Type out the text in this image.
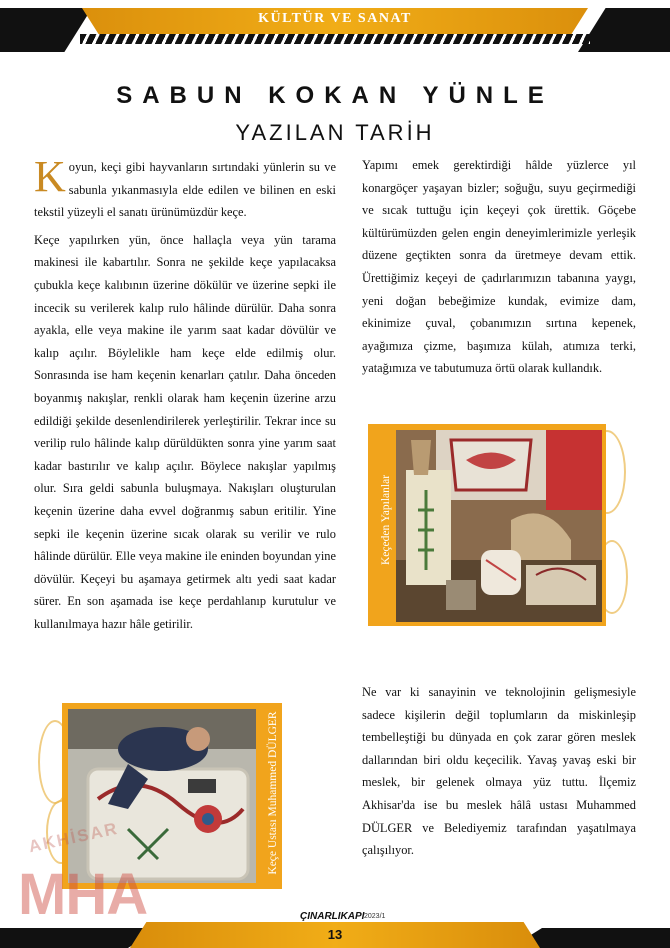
KÜLTÜR VE SANAT
SABUN KOKAN YÜNLE
YAZILAN TARİH

Koyun, keçi gibi hayvanların sırtındaki yünlerin su ve sabunla yıkanmasıyla elde edilen ve bilinen en eski tekstil yüzeyli el sanatı ürünümüzdür keçe.

Keçe yapılırken yün, önce hallaçla veya yün tarama makinesi ile kabartılır. Sonra ne şekilde keçe yapılacaksa çubukla keçe kalıbının üzerine dökülür ve üzerine sepki ile incecik su verilerek kalıp rulo hâlinde dürülür. Daha sonra ayakla, elle veya makine ile yarım saat kadar dövülür ve kalıp açılır. Böylelikle ham keçe elde edilmiş olur. Sonrasında ise ham keçenin kenarları çatılır. Daha önceden boyanmış nakışlar, renkli olarak ham keçenin üzerine arzu edildiği şekilde desenlendirilerek yerleştirilir. Tekrar ince su verilip rulo hâlinde kalıp dürüldükten sonra yine yarım saat kadar bastırılır ve kalıp açılır. Böylece nakışlar yapılmış olur. Sıra geldi sabunla buluşmaya. Nakışları oluşturulan keçenin üzerine daha evvel doğranmış sabun eritilir. Yine sepki ile keçenin üzerine sıcak olarak su verilir ve rulo hâlinde dürülür. Elle veya makine ile eninden boyundan yine dövülür. Keçeyi bu aşamaya getirmek altı yedi saat kadar sürer. En son aşamada ise keçe perdahlanıp kurutulur ve kullanılmaya hazır hâle getirilir.

Yapımı emek gerektirdiği hâlde yüzlerce yıl konargöçer yaşayan bizler; soğuğu, suyu geçirmediği ve sıcak tuttuğu için keçeyi çok ürettik. Göçebe kültürümüzden gelen engin deneyimlerimizle yerleşik düzene geçtikten sonra da üretmeye devam ettik. Ürettiğimiz keçeyi de çadırlarımızın tabanına yaygı, yeni doğan bebeğimize kundak, evimize dam, ekinimize çuval, çobanımızın sırtına kepenek, ayağımıza çizme, başımıza külah, atımıza terki, yatağımıza ve tabutumuza örtü olarak kullandık.

Keçeden Yapılanlar

Ne var ki sanayinin ve teknolojinin gelişmesiyle sadece kişilerin değil toplumların da miskinleşip tembelleştiği bu dünyada en çok zarar gören meslek dallarından biri oldu keçecilik. Yavaş yavaş eski bir meslek, bir gelenek olmaya yüz tuttu. İlçemiz Akhisar'da ise bu meslek hâlâ ustası Muhammed DÜLGER ve Belediyemiz tarafından yaşatılmaya çalışılıyor.

Keçe Ustası Muhammed DÜLGER
AKHİSAR
MHA	ÇINARLIKAPI 2023/1
13
